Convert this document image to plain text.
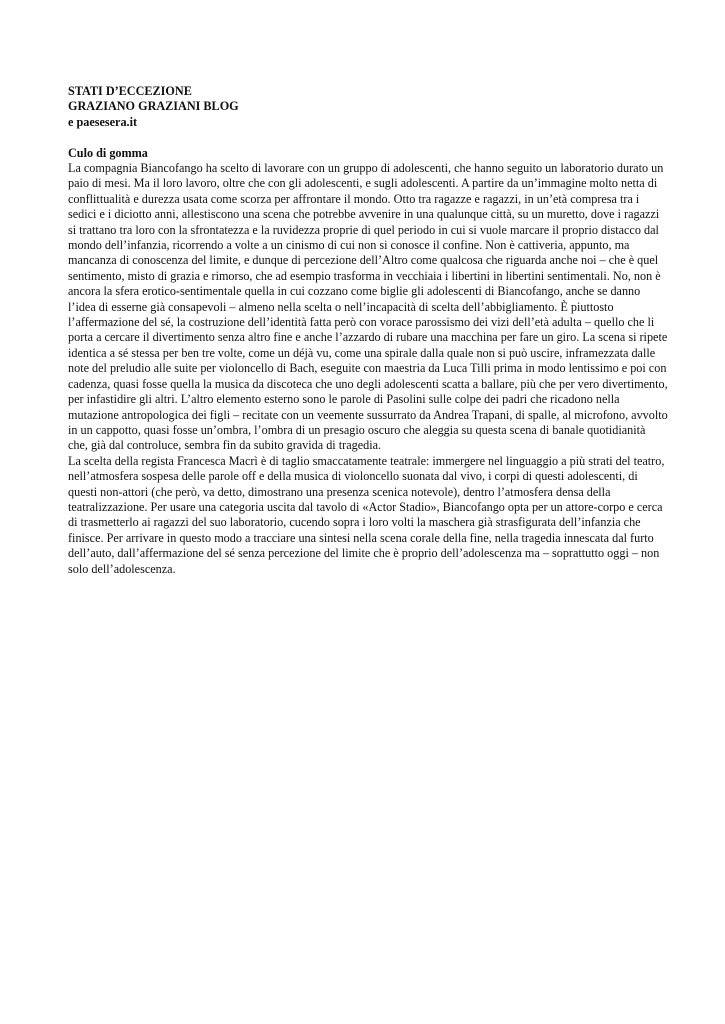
STATI D’ECCEZIONE
GRAZIANO GRAZIANI BLOG
e paesesera.it
Culo di gomma

La compagnia Biancofango ha scelto di lavorare con un gruppo di adolescenti, che hanno seguito un laboratorio durato un paio di mesi. Ma il loro lavoro, oltre che con gli adolescenti, e sugli adolescenti. A partire da un’immagine molto netta di conflittualità e durezza usata come scorza per affrontare il mondo. Otto tra ragazze e ragazzi, in un’età compresa tra i sedici e i diciotto anni, allestiscono una scena che potrebbe avvenire in una qualunque città, su un muretto, dove i ragazzi si trattano tra loro con la sfrontatezza e la ruvidezza proprie di quel periodo in cui si vuole marcare il proprio distacco dal mondo dell’infanzia, ricorrendo a volte a un cinismo di cui non si conosce il confine. Non è cattiveria, appunto, ma mancanza di conoscenza del limite, e dunque di percezione dell’Altro come qualcosa che riguarda anche noi – che è quel sentimento, misto di grazia e rimorso, che ad esempio trasforma in vecchiaia i libertini in libertini sentimentali. No, non è ancora la sfera erotico-sentimentale quella in cui cozzano come biglie gli adolescenti di Biancofango, anche se danno l’idea di esserne già consapevoli – almeno nella scelta o nell’incapacità di scelta dell’abbigliamento. È piuttosto l’affermazione del sé, la costruzione dell’identità fatta però con vorace parossismo dei vizi dell’età adulta – quello che li porta a cercare il divertimento senza altro fine e anche l’azzardo di rubare una macchina per fare un giro. La scena si ripete identica a sé stessa per ben tre volte, come un déjà vu, come una spirale dalla quale non si può uscire, inframezzata dalle note del preludio alle suite per violoncello di Bach, eseguite con maestria da Luca Tilli prima in modo lentissimo e poi con cadenza, quasi fosse quella la musica da discoteca che uno degli adolescenti scatta a ballare, più che per vero divertimento, per infastidire gli altri. L’altro elemento esterno sono le parole di Pasolini sulle colpe dei padri che ricadono nella mutazione antropologica dei figli – recitate con un veemente sussurrato da Andrea Trapani, di spalle, al microfono, avvolto in un cappotto, quasi fosse un’ombra, l’ombra di un presagio oscuro che aleggia su questa scena di banale quotidianità che, già dal controluce, sembra fin da subito gravida di tragedia.

La scelta della regista Francesca Macrì è di taglio smaccatamente teatrale: immergere nel linguaggio a più strati del teatro, nell’atmosfera sospesa delle parole off e della musica di violoncello suonata dal vivo, i corpi di questi adolescenti, di questi non-attori (che però, va detto, dimostrano una presenza scenica notevole), dentro l’atmosfera densa della teatralizzazione. Per usare una categoria uscita dal tavolo di «Actor Stadio», Biancofango opta per un attore-corpo e cerca di trasmetterlo ai ragazzi del suo laboratorio, cucendo sopra i loro volti la maschera già strasfigurata dell’infanzia che finisce. Per arrivare in questo modo a tracciare una sintesi nella scena corale della fine, nella tragedia innescata dal furto dell’auto, dall’affermazione del sé senza percezione del limite che è proprio dell’adolescenza ma – soprattutto oggi – non solo dell’adolescenza.
